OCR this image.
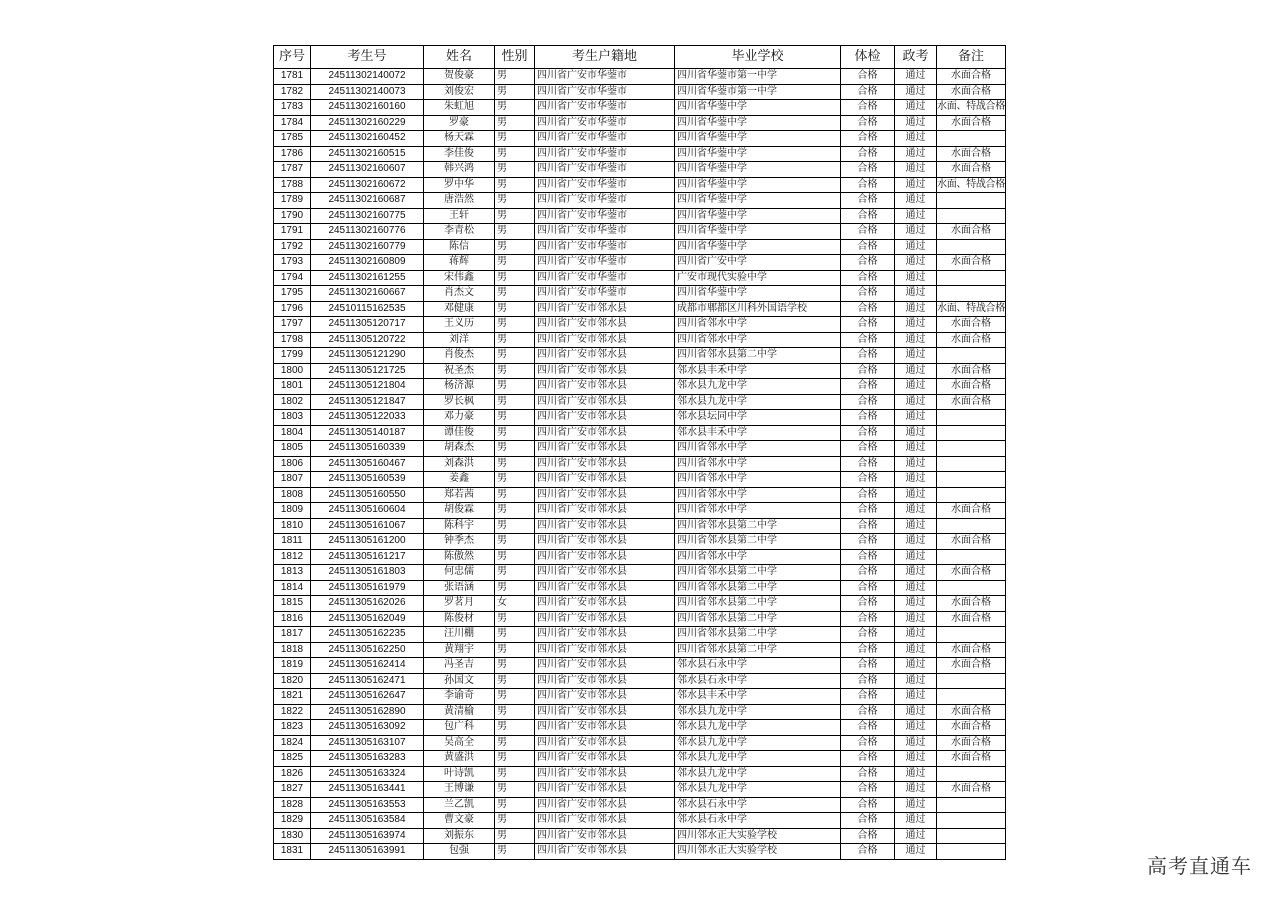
序号	考生号	姓名	性别	考生户籍地	毕业学校	体检	政考	备注
1781	24511302140072	贺俊豪	男	四川省广安市华蓥市	四川省华蓥市第一中学	合格	通过	水面合格
1782	24511302140073	刘俊宏	男	四川省广安市华蓥市	四川省华蓥市第一中学	合格	通过	水面合格
1783	24511302160160	朱虹旭	男	四川省广安市华蓥市	四川省华蓥中学	合格	通过	水面、特战合格
1784	24511302160229	罗豪	男	四川省广安市华蓥市	四川省华蓥中学	合格	通过	水面合格
1785	24511302160452	杨天霖	男	四川省广安市华蓥市	四川省华蓥中学	合格	通过	
1786	24511302160515	李佳俊	男	四川省广安市华蓥市	四川省华蓥中学	合格	通过	水面合格
1787	24511302160607	韩兴鸿	男	四川省广安市华蓥市	四川省华蓥中学	合格	通过	水面合格
1788	24511302160672	罗中华	男	四川省广安市华蓥市	四川省华蓥中学	合格	通过	水面、特战合格
1789	24511302160687	唐浩然	男	四川省广安市华蓥市	四川省华蓥中学	合格	通过	
1790	24511302160775	王轩	男	四川省广安市华蓥市	四川省华蓥中学	合格	通过	
1791	24511302160776	李青松	男	四川省广安市华蓥市	四川省华蓥中学	合格	通过	水面合格
1792	24511302160779	陈信	男	四川省广安市华蓥市	四川省华蓥中学	合格	通过	
1793	24511302160809	蒋辉	男	四川省广安市华蓥市	四川省广安中学	合格	通过	水面合格
1794	24511302161255	宋伟鑫	男	四川省广安市华蓥市	广安市现代实验中学	合格	通过	
1795	24511302160667	肖杰文	男	四川省广安市华蓥市	四川省华蓥中学	合格	通过	
1796	24510115162535	邓健康	男	四川省广安市邻水县	成都市郫都区川科外国语学校	合格	通过	水面、特战合格
1797	24511305120717	王义历	男	四川省广安市邻水县	四川省邻水中学	合格	通过	水面合格
1798	24511305120722	刘洋	男	四川省广安市邻水县	四川省邻水中学	合格	通过	水面合格
1799	24511305121290	肖俊杰	男	四川省广安市邻水县	四川省邻水县第二中学	合格	通过	
1800	24511305121725	祝圣杰	男	四川省广安市邻水县	邻水县丰禾中学	合格	通过	水面合格
1801	24511305121804	杨济源	男	四川省广安市邻水县	邻水县九龙中学	合格	通过	水面合格
1802	24511305121847	罗长枫	男	四川省广安市邻水县	邻水县九龙中学	合格	通过	水面合格
1803	24511305122033	邓力豪	男	四川省广安市邻水县	邻水县坛同中学	合格	通过	
1804	24511305140187	谭佳俊	男	四川省广安市邻水县	邻水县丰禾中学	合格	通过	
1805	24511305160339	胡森杰	男	四川省广安市邻水县	四川省邻水中学	合格	通过	
1806	24511305160467	刘森洪	男	四川省广安市邻水县	四川省邻水中学	合格	通过	
1807	24511305160539	姜鑫	男	四川省广安市邻水县	四川省邻水中学	合格	通过	
1808	24511305160550	郑若茜	男	四川省广安市邻水县	四川省邻水中学	合格	通过	
1809	24511305160604	胡俊霖	男	四川省广安市邻水县	四川省邻水中学	合格	通过	水面合格
1810	24511305161067	陈科宇	男	四川省广安市邻水县	四川省邻水县第二中学	合格	通过	
1811	24511305161200	钟季杰	男	四川省广安市邻水县	四川省邻水县第二中学	合格	通过	水面合格
1812	24511305161217	陈傲然	男	四川省广安市邻水县	四川省邻水中学	合格	通过	
1813	24511305161803	何忠儒	男	四川省广安市邻水县	四川省邻水县第二中学	合格	通过	水面合格
1814	24511305161979	张语涵	男	四川省广安市邻水县	四川省邻水县第二中学	合格	通过	
1815	24511305162026	罗茗月	女	四川省广安市邻水县	四川省邻水县第二中学	合格	通过	水面合格
1816	24511305162049	陈俊材	男	四川省广安市邻水县	四川省邻水县第二中学	合格	通过	水面合格
1817	24511305162235	汪川棚	男	四川省广安市邻水县	四川省邻水县第二中学	合格	通过	
1818	24511305162250	黄翔宇	男	四川省广安市邻水县	四川省邻水县第二中学	合格	通过	水面合格
1819	24511305162414	冯圣吉	男	四川省广安市邻水县	邻水县石永中学	合格	通过	水面合格
1820	24511305162471	孙国文	男	四川省广安市邻水县	邻水县石永中学	合格	通过	
1821	24511305162647	李谕奇	男	四川省广安市邻水县	邻水县丰禾中学	合格	通过	
1822	24511305162890	黄清榆	男	四川省广安市邻水县	邻水县九龙中学	合格	通过	水面合格
1823	24511305163092	包广科	男	四川省广安市邻水县	邻水县九龙中学	合格	通过	水面合格
1824	24511305163107	吴高全	男	四川省广安市邻水县	邻水县九龙中学	合格	通过	水面合格
1825	24511305163283	黄盛洪	男	四川省广安市邻水县	邻水县九龙中学	合格	通过	水面合格
1826	24511305163324	叶诗凯	男	四川省广安市邻水县	邻水县九龙中学	合格	通过	
1827	24511305163441	王博谦	男	四川省广安市邻水县	邻水县九龙中学	合格	通过	水面合格
1828	24511305163553	兰乙凯	男	四川省广安市邻水县	邻水县石永中学	合格	通过	
1829	24511305163584	曹文豪	男	四川省广安市邻水县	邻水县石永中学	合格	通过	
1830	24511305163974	刘振东	男	四川省广安市邻水县	四川邻水正大实验学校	合格	通过	
1831	24511305163991	包强	男	四川省广安市邻水县	四川邻水正大实验学校	合格	通过	
高考直通车
